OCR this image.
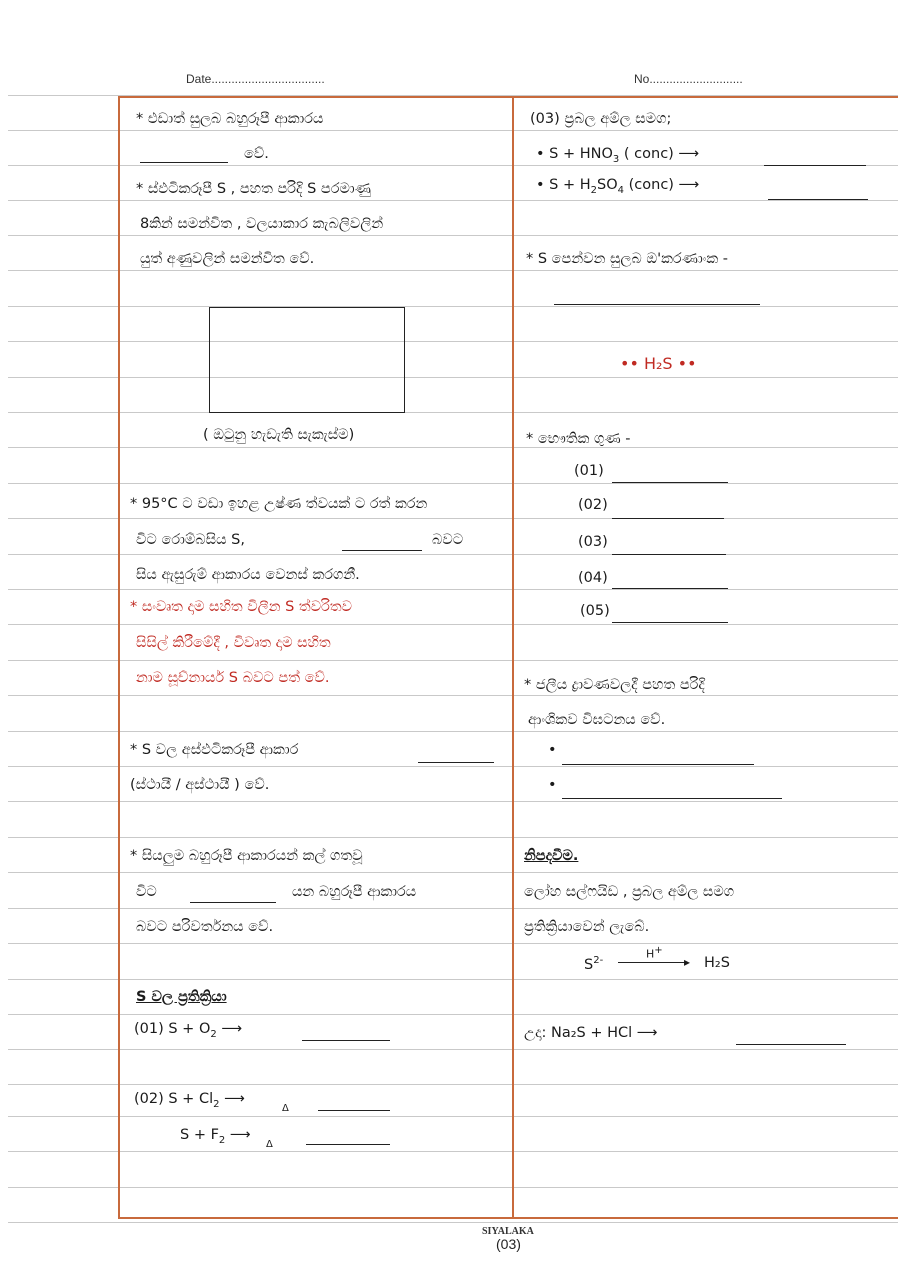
Date..................................	No............................
* එඩාත් සුලබ බහුරූපී ආකාරය
වේ.
* ස්ඵටිකරූපී S , පහත පරිදි S පරමාණු
8කින් සමන්විත , වලයාකාර කැබලිවලින්
යුත් අණුවලින් සමන්විත වේ.
( ඔටුනු හැඩැති සැකැස්ම)
* 95°C ට වඩා ඉහළ උෂ්ණ ත්වයක් ට රත් කරන
විට රොම්බසිය S,	බවට
සිය ඇසුරුම් ආකාරය වෙනස් කරගනී.
* සංවෘත දාම සහිත විලීන S ත්වරිතව
සිසිල් කිරීමේදී , විවෘත දාම සහිත
නාම සූච්නාර්ය S බවට පත් වේ.
* S වල අස්ඵටිකරූපී ආකාර
(ස්ථායී / අස්ථායී ) වේ.
* සියලුම බහුරූපී ආකාරයන් කල් ගතවූ
විට	යන බහුරූපී ආකාරය
බවට පරිවර්තනය වේ.
S වල ප්‍රතික්‍රියා
(01) $S + O_2$ ⟶
(02) $S + Cl_2$ ⟶
Δ
$S + F_2$ ⟶
Δ
(03) ප්‍රබල අම්ල සමග;
• $S + HNO_3$ ( conc) ⟶
• $S + H_2SO_4$ (conc) ⟶
* S පෙන්වන සුලබ ඔ'කරණාංක -
•• H₂S ••
* භෞතික ගුණ -
(01)
(02)
(03)
(04)
(05)
* ජලීය ද්‍රාවණවලදී පහත පරිදි
ආංශිකව විඝටනය වේ.
•
•
නිපදවීම.
ලෝහ සල්ෆයිඩ , ප්‍රබල අම්ල සමග
ප්‍රතික්‍රියාවෙන් ලැබේ.
$S^{2-}$	▸
H+
H₂S
උදා: Na₂S + HCl ⟶
SIYALAKA
(03)
